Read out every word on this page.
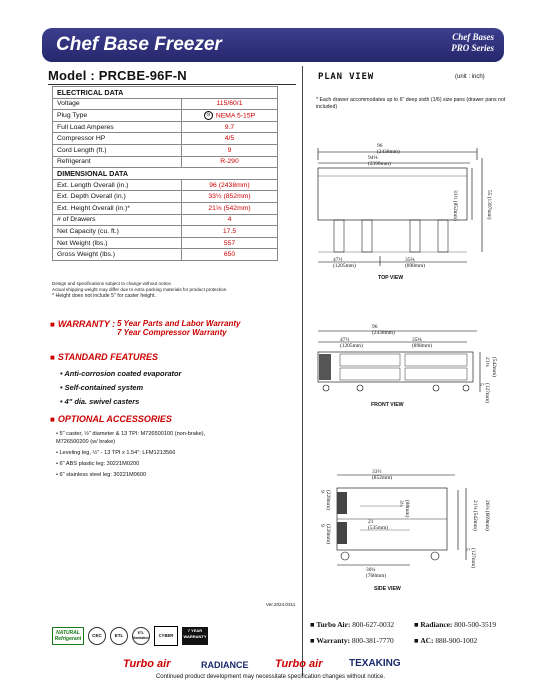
Chef Base Freezer	Chef Bases
PRO Series
Model : PRCBE-96F-N
ELECTRICAL DATA	
Voltage	115/60/1
Plug Type	⊙ NEMA 5-15P
Full Load Amperes	9.7
Compressor HP	4/5
Cord Length (ft.)	9
Refrigerant	R-290
DIMENSIONAL DATA	
Ext. Length Overall (in.)	96 (2438mm)
Ext. Depth Overall (in.)	33½ (852mm)
Ext. Height Overall (in.)*	21⅓ (542mm)
# of Drawers	4
Net Capacity (cu. ft.)	17.5
Net Weight (lbs.)	557
Gross Weight (lbs.)	650
Design and specifications subject to change without notice.
Actual shipping weight may differ due to extra packing materials for product protection.
* Height does not include 5" for caster height.
■ WARRANTY : 5 Year Parts and Labor Warranty
7 Year Compressor Warranty
■ STANDARD FEATURES
• Anti-corrosion coated evaporator
• Self-contained system
• 4" dia. swivel casters
■ OPTIONAL ACCESSORIES
• 5" caster, ½" diameter & 13 TPI: M726500100 (non-brake), M726500200 (w/ brake)
• Leveling leg, ½" - 13 TPI x 1.54": LFM1213566
• 6" ABS plastic leg: 30221M0200
• 6" stainless steel leg: 30221M0600
Ver.2024.0311
NATURAL Refrigerant
CEC	ETL	ETL Sanitation	CYBER
7 YEAR WARRANTY
■ Turbo Air: 800-627-0032	■ Radiance: 800-500-3519
■ Warranty: 800-381-7770	■ AC: 888-900-1002
Turbo air	RADIANCE Turbo air	TEXAKING
Continued product development may necessitate specification changes without notice.
PLAN VIEW	(unit : inch)
* Each drawer accommodates up to 6" deep sixth (1/6) size pans (drawer pans not included)
96 (2438mm)
94⅛ (2390mm)
33½ (852mm)	55 (1397mm)
47½ (1205mm)
35⅜ (898mm)
TOP VIEW
96 (2438mm)
47½ (1205mm)
35⅜ (898mm)
21⅛ (542mm)
5 (127mm)
FRONT VIEW
33½ (852mm)
9 (228mm)	3⅛ (80mm)
21 (535mm)
9 (228mm)
30¼ (768mm)
21⅛ (542mm) 26⅛ (669mm)
5 (127mm)
SIDE VIEW
